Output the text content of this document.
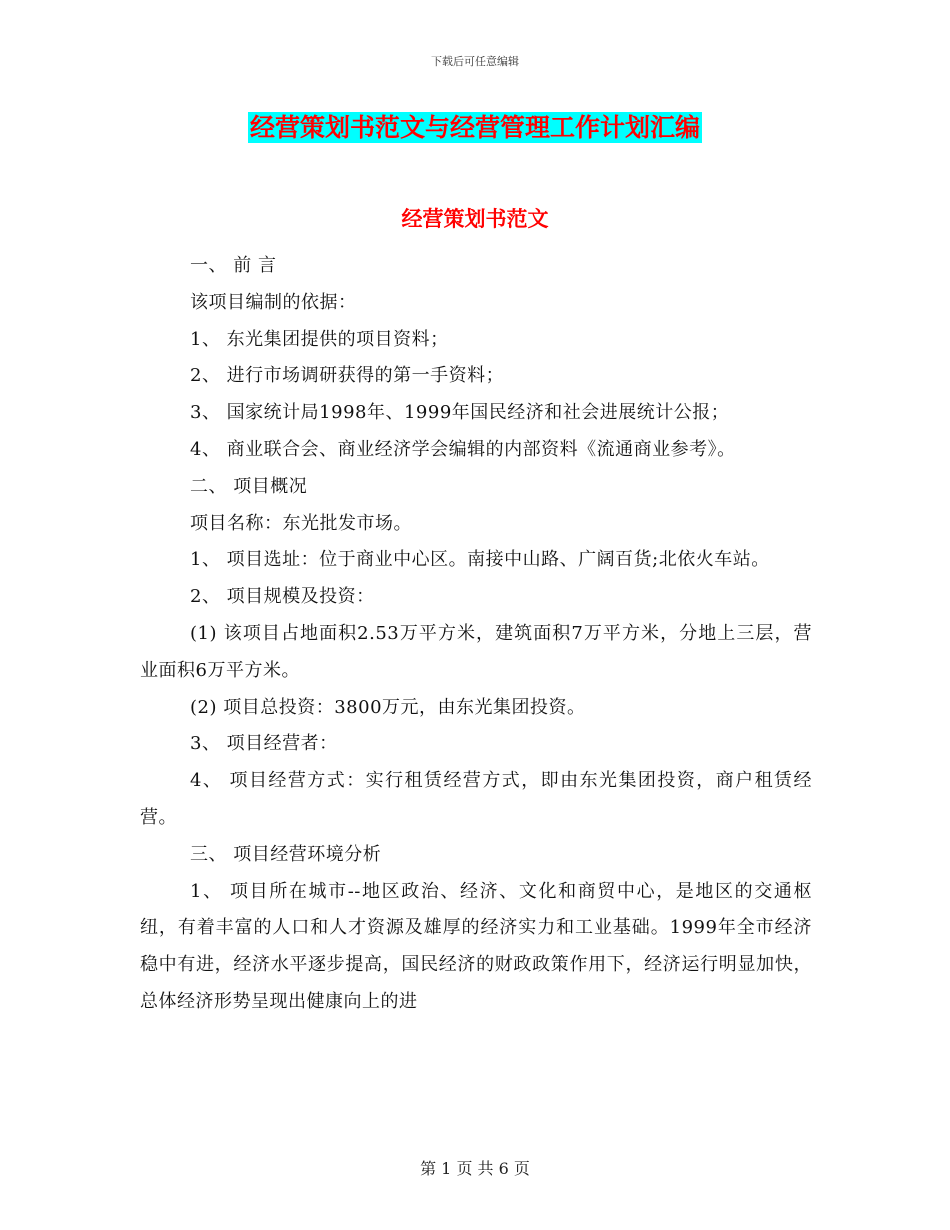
下载后可任意编辑
经营策划书范文与经营管理工作计划汇编
经营策划书范文

一、 前 言

该项目编制的依据：

1、 东光集团提供的项目资料；

2、 进行市场调研获得的第一手资料；

3、 国家统计局1998年、1999年国民经济和社会进展统计公报；

4、 商业联合会、商业经济学会编辑的内部资料《流通商业参考》。

二、 项目概况

项目名称：东光批发市场。

1、 项目选址：位于商业中心区。南接中山路、广阔百货;北依火车站。

2、 项目规模及投资：

(1) 该项目占地面积2.53万平方米，建筑面积7万平方米，分地上三层，营业面积6万平方米。

(2) 项目总投资：3800万元，由东光集团投资。

3、 项目经营者：

4、 项目经营方式：实行租赁经营方式，即由东光集团投资，商户租赁经营。

三、 项目经营环境分析

1、 项目所在城市--地区政治、经济、文化和商贸中心，是地区的交通枢纽，有着丰富的人口和人才资源及雄厚的经济实力和工业基础。1999年全市经济稳中有进，经济水平逐步提高，国民经济的财政政策作用下，经济运行明显加快，总体经济形势呈现出健康向上的进

第 1 页 共 6 页
